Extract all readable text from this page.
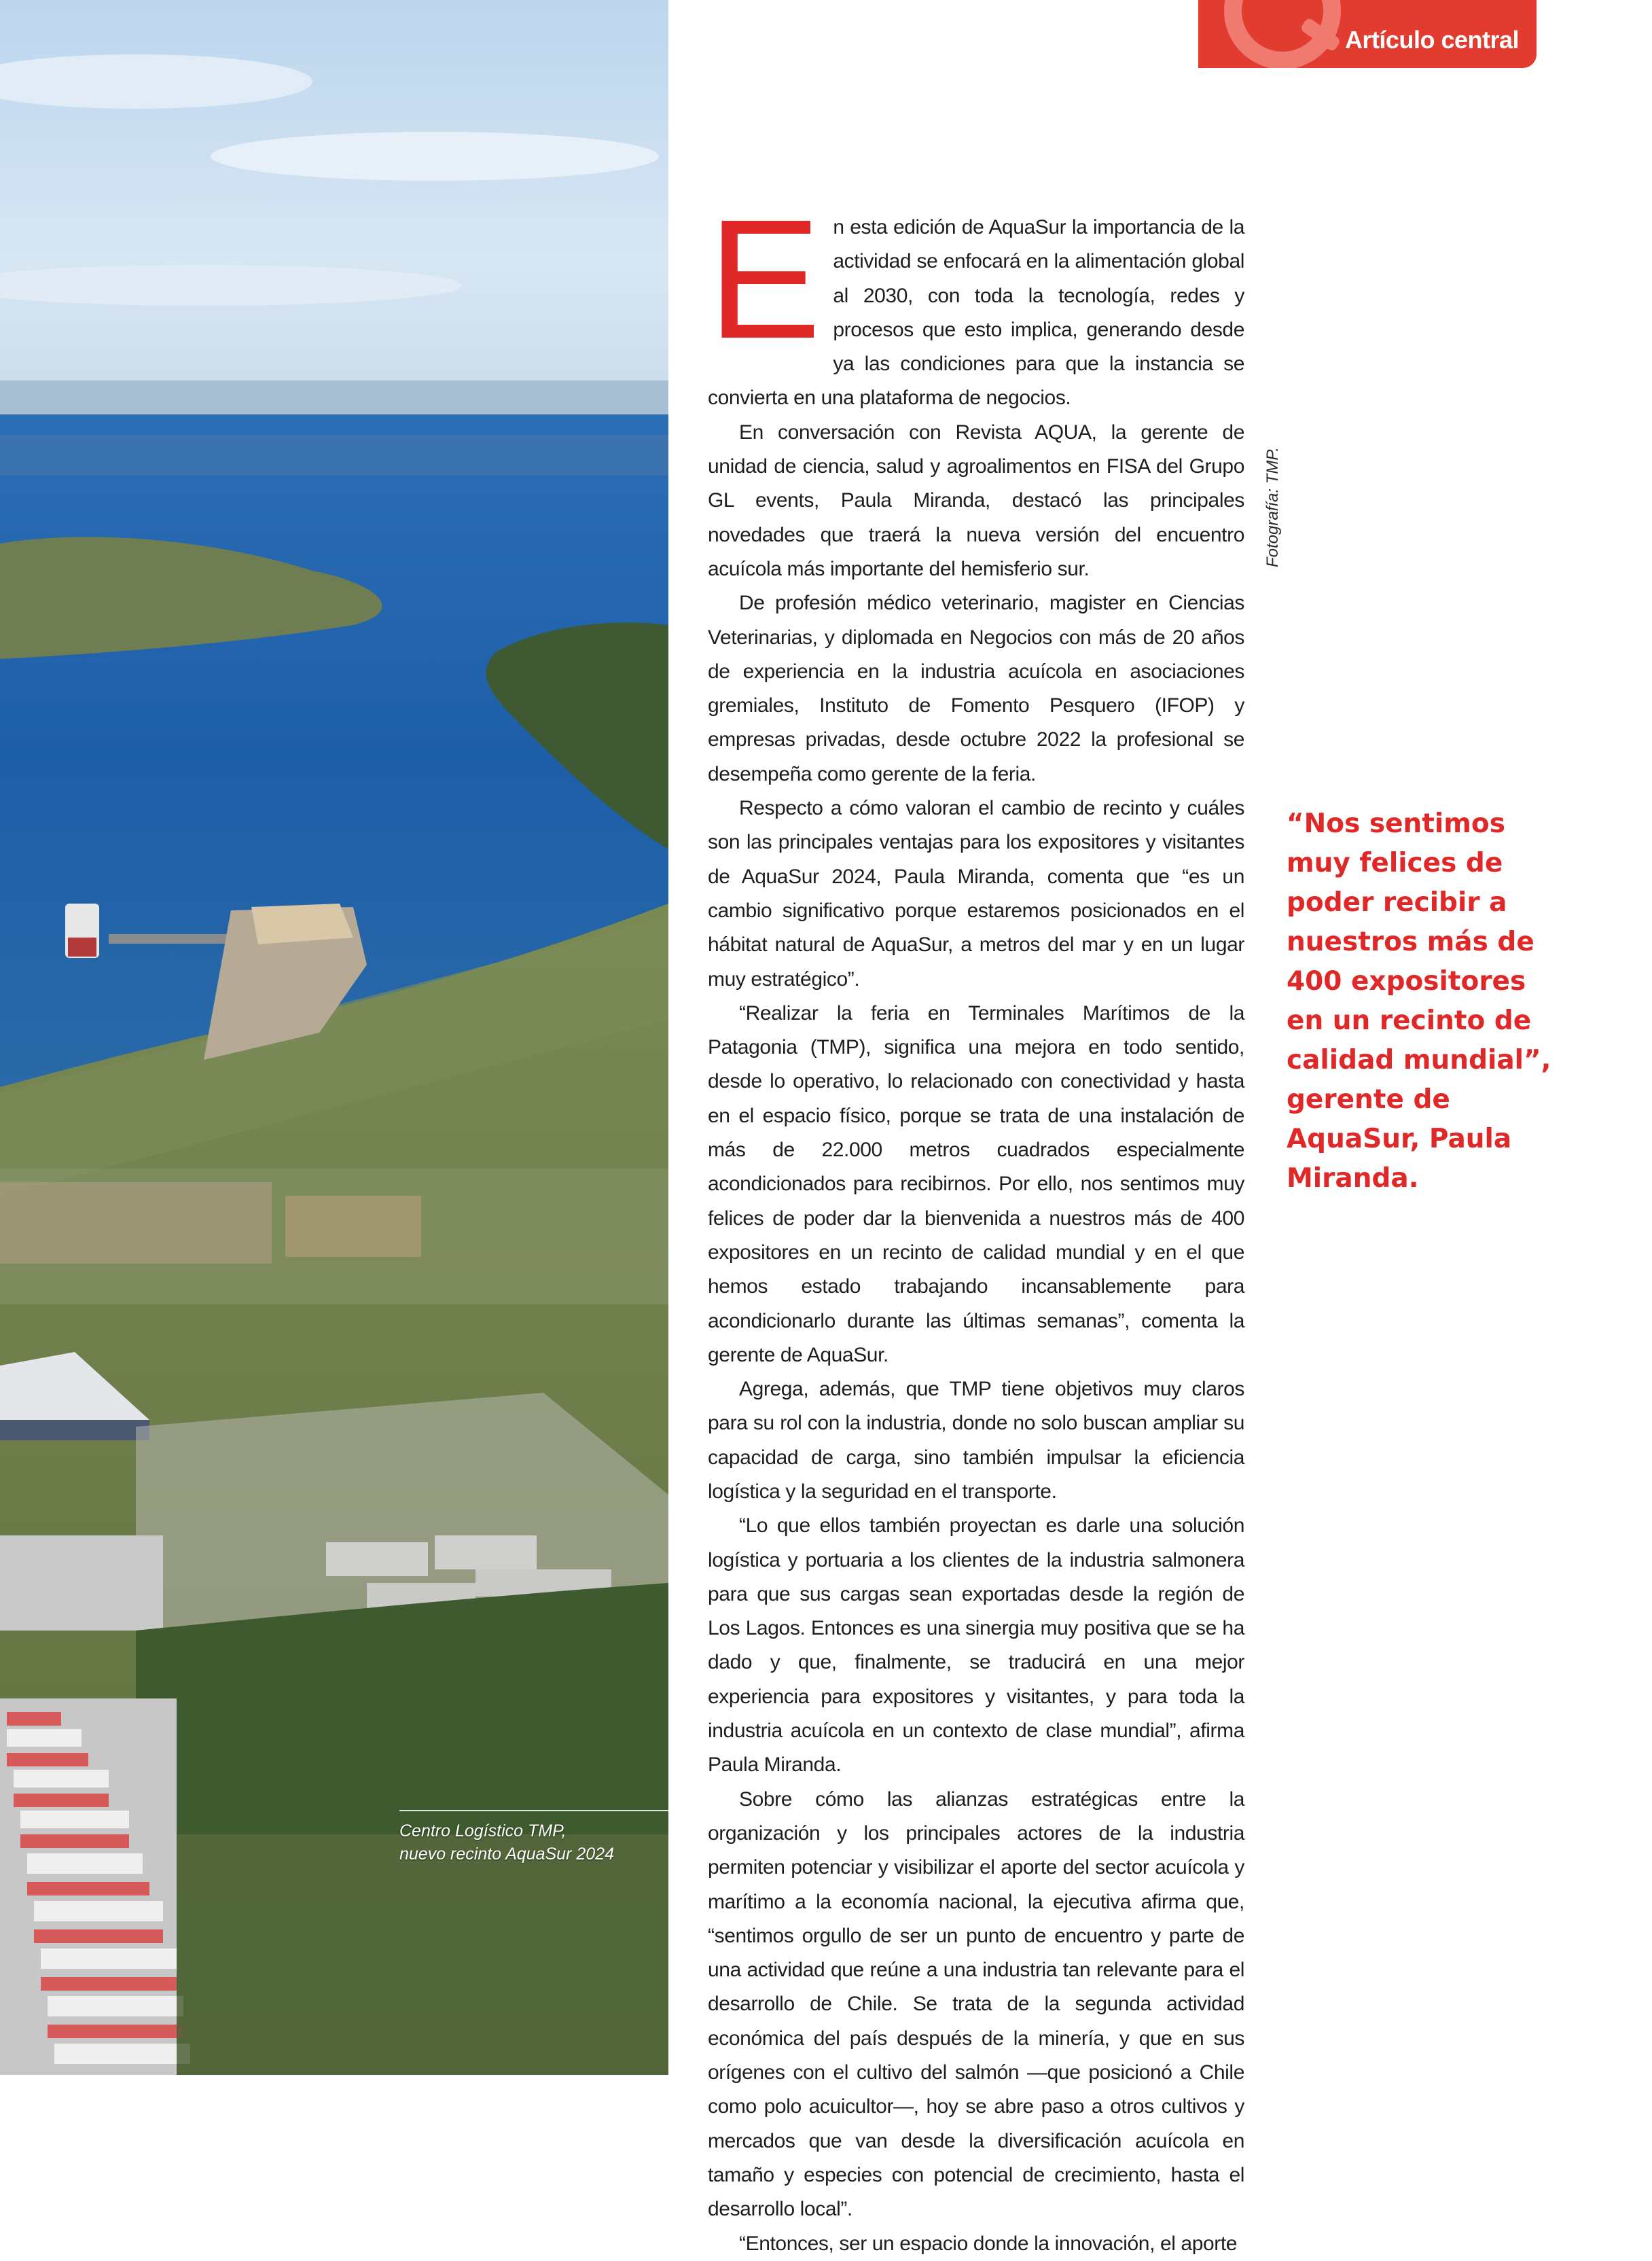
Fotografía: TMP.
Centro Logístico TMP,
nuevo recinto AquaSur 2024
Artículo central

En esta edición de AquaSur la importancia de la actividad se enfocará en la alimentación global al 2030, con toda la tecnología, redes y procesos que esto implica, generando desde ya las condiciones para que la instancia se convierta en una plataforma de negocios.

En conversación con Revista AQUA, la gerente de unidad de ciencia, salud y agroalimentos en FISA del Grupo GL events, Paula Miranda, destacó las principales novedades que traerá la nueva versión del encuentro acuícola más importante del hemisferio sur.

De profesión médico veterinario, magister en Ciencias Veterinarias, y diplomada en Negocios con más de 20 años de experiencia en la industria acuícola en asociaciones gremiales, Instituto de Fomento Pesquero (IFOP) y empresas privadas, desde octubre 2022 la profesional se desempeña como gerente de la feria.

Respecto a cómo valoran el cambio de recinto y cuáles son las principales ventajas para los expositores y visitantes de AquaSur 2024, Paula Miranda, comenta que “es un cambio significativo porque estaremos posicionados en el hábitat natural de AquaSur, a metros del mar y en un lugar muy estratégico”.

“Realizar la feria en Terminales Marítimos de la Patagonia (TMP), significa una mejora en todo sentido, desde lo operativo, lo relacionado con conectividad y hasta en el espacio físico, porque se trata de una instalación de más de 22.000 metros cuadrados especialmente acondicionados para recibirnos. Por ello, nos sentimos muy felices de poder dar la bienvenida a nuestros más de 400 expositores en un recinto de calidad mundial y en el que hemos estado trabajando incansablemente para acondicionarlo durante las últimas semanas”, comenta la gerente de AquaSur.

Agrega, además, que TMP tiene objetivos muy claros para su rol con la industria, donde no solo buscan ampliar su capacidad de carga, sino también impulsar la eficiencia logística y la seguridad en el transporte.

“Lo que ellos también proyectan es darle una solución logística y portuaria a los clientes de la industria salmonera para que sus cargas sean exportadas desde la región de Los Lagos. Entonces es una sinergia muy positiva que se ha dado y que, finalmente, se traducirá en una mejor experiencia para expositores y visitantes, y para toda la industria acuícola en un contexto de clase mundial”, afirma Paula Miranda.

Sobre cómo las alianzas estratégicas entre la organización y los principales actores de la industria permiten potenciar y visibilizar el aporte del sector acuícola y marítimo a la economía nacional, la ejecutiva afirma que, “sentimos orgullo de ser un punto de encuentro y parte de una actividad que reúne a una industria tan relevante para el desarrollo de Chile. Se trata de la segunda actividad económica del país después de la minería, y que en sus orígenes con el cultivo del salmón —que posicionó a Chile como polo acuicultor—, hoy se abre paso a otros cultivos y mercados que van desde la diversificación acuícola en tamaño y especies con potencial de crecimiento, hasta el desarrollo local”.

“Entonces, ser un espacio donde la innovación, el aporte

“Nos sentimos muy felices de poder recibir a nuestros más de 400 expositores en un recinto de calidad mundial”, gerente de AquaSur, Paula Miranda.
